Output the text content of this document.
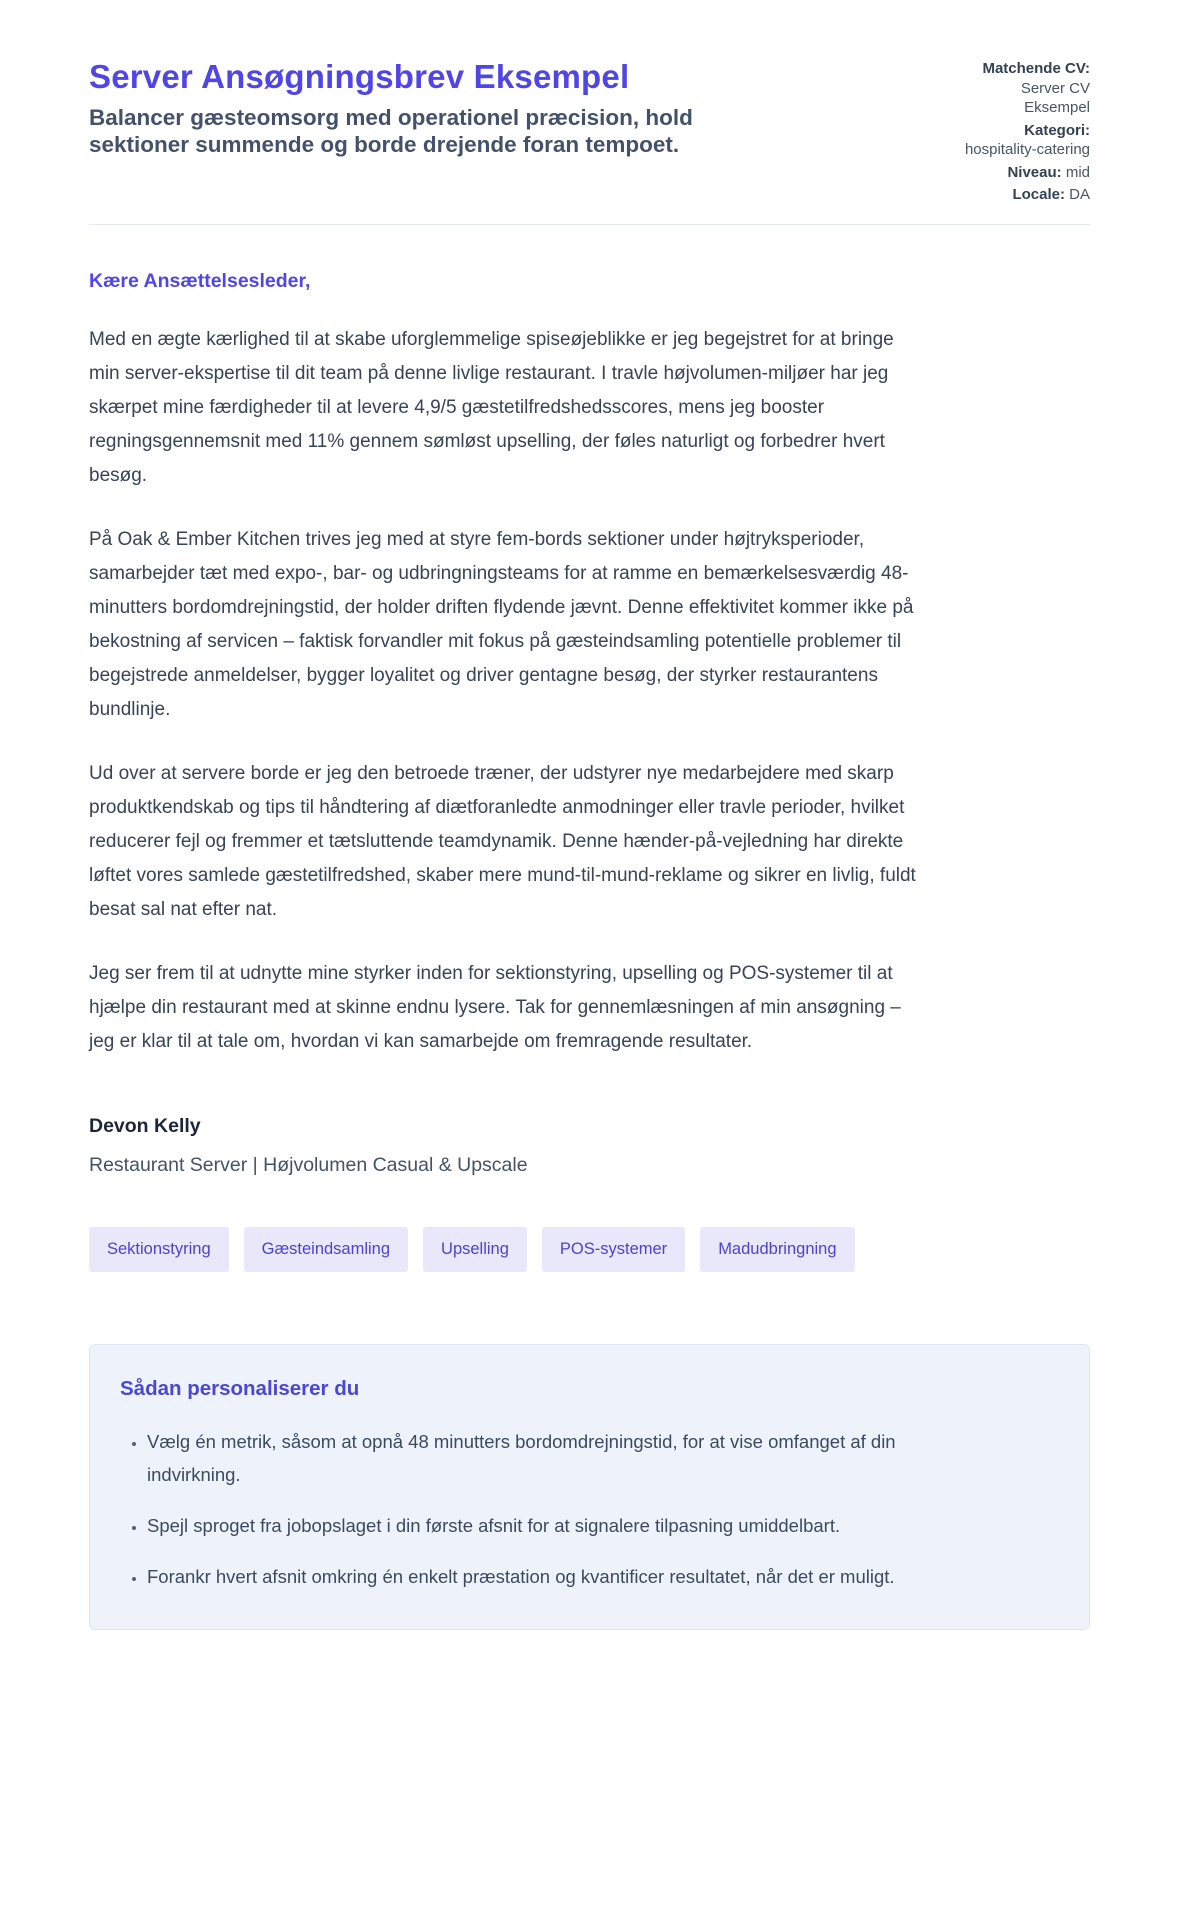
Server Ansøgningsbrev Eksempel

Balancer gæsteomsorg med operationel præcision, hold sektioner summende og borde drejende foran tempoet.

Matchende CV: Server CV Eksempel
Kategori: hospitality-catering
Niveau: mid
Locale: DA

Kære Ansættelsesleder,

Med en ægte kærlighed til at skabe uforglemmelige spiseøjeblikke er jeg begejstret for at bringe min server-ekspertise til dit team på denne livlige restaurant. I travle højvolumen-miljøer har jeg skærpet mine færdigheder til at levere 4,9/5 gæstetilfredshedsscores, mens jeg booster regningsgennemsnit med 11% gennem sømløst upselling, der føles naturligt og forbedrer hvert besøg.

På Oak & Ember Kitchen trives jeg med at styre fem-bords sektioner under højtryksperioder, samarbejder tæt med expo-, bar- og udbringningsteams for at ramme en bemærkelsesværdig 48-minutters bordomdrejningstid, der holder driften flydende jævnt. Denne effektivitet kommer ikke på bekostning af servicen – faktisk forvandler mit fokus på gæsteindsamling potentielle problemer til begejstrede anmeldelser, bygger loyalitet og driver gentagne besøg, der styrker restaurantens bundlinje.

Ud over at servere borde er jeg den betroede træner, der udstyrer nye medarbejdere med skarp produktkendskab og tips til håndtering af diætforanledte anmodninger eller travle perioder, hvilket reducerer fejl og fremmer et tætsluttende teamdynamik. Denne hænder-på-vejledning har direkte løftet vores samlede gæstetilfredshed, skaber mere mund-til-mund-reklame og sikrer en livlig, fuldt besat sal nat efter nat.

Jeg ser frem til at udnytte mine styrker inden for sektionstyring, upselling og POS-systemer til at hjælpe din restaurant med at skinne endnu lysere. Tak for gennemlæsningen af min ansøgning – jeg er klar til at tale om, hvordan vi kan samarbejde om fremragende resultater.

Devon Kelly

Restaurant Server | Højvolumen Casual & Upscale

Sektionstyring	Gæsteindsamling	Upselling	POS-systemer	Madudbringning
Sådan personaliserer du
• Vælg én metrik, såsom at opnå 48 minutters bordomdrejningstid, for at vise omfanget af din indvirkning.
• Spejl sproget fra jobopslaget i din første afsnit for at signalere tilpasning umiddelbart.
• Forankr hvert afsnit omkring én enkelt præstation og kvantificer resultatet, når det er muligt.
